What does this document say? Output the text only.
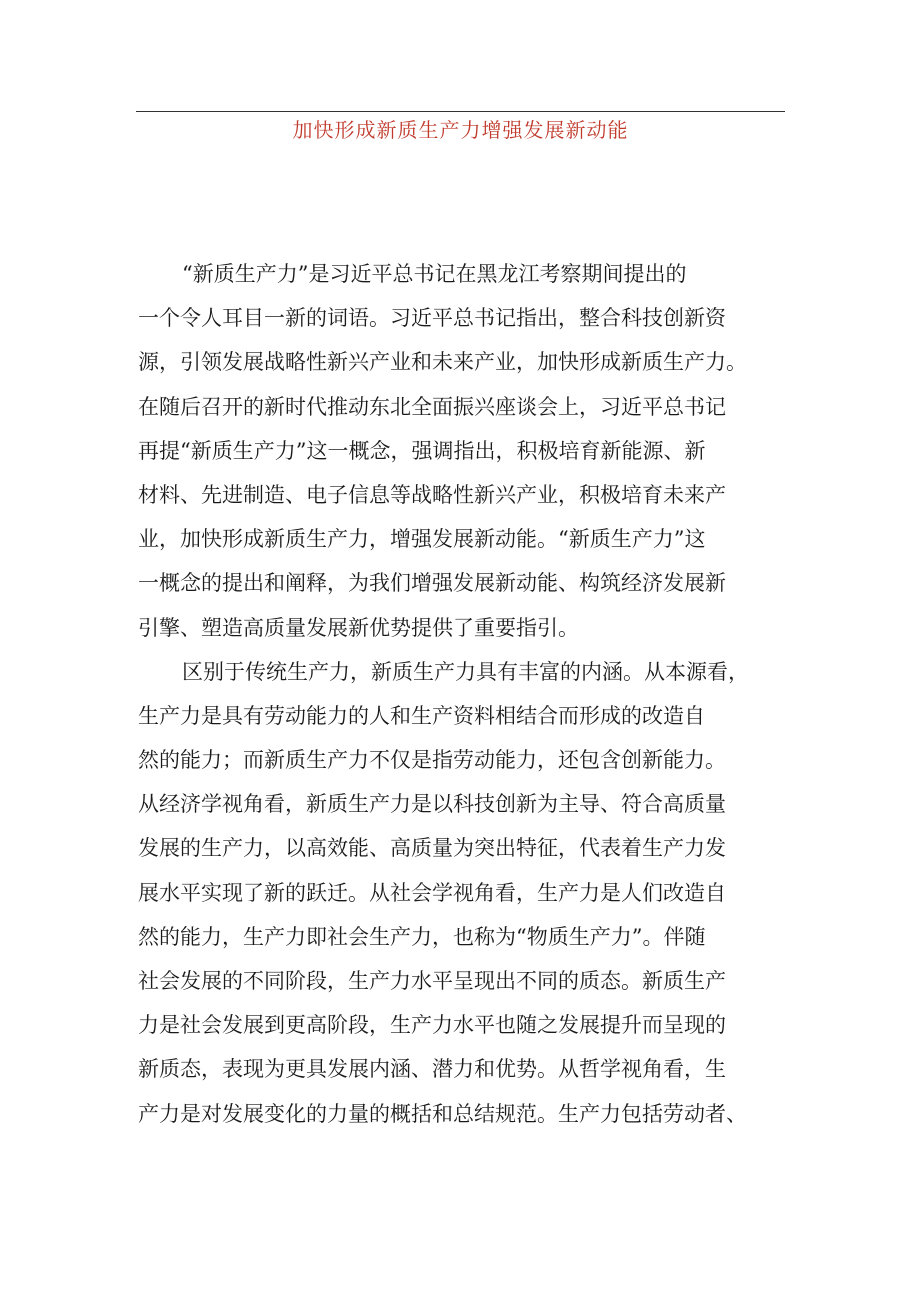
加快形成新质生产力增强发展新动能
“新质生产力”是习近平总书记在黑龙江考察期间提出的
一个令人耳目一新的词语。习近平总书记指出，整合科技创新资
源，引领发展战略性新兴产业和未来产业，加快形成新质生产力。
在随后召开的新时代推动东北全面振兴座谈会上，习近平总书记
再提“新质生产力”这一概念，强调指出，积极培育新能源、新
材料、先进制造、电子信息等战略性新兴产业，积极培育未来产
业，加快形成新质生产力，增强发展新动能。“新质生产力”这
一概念的提出和阐释，为我们增强发展新动能、构筑经济发展新
引擎、塑造高质量发展新优势提供了重要指引。
区别于传统生产力，新质生产力具有丰富的内涵。从本源看，
生产力是具有劳动能力的人和生产资料相结合而形成的改造自
然的能力；而新质生产力不仅是指劳动能力，还包含创新能力。
从经济学视角看，新质生产力是以科技创新为主导、符合高质量
发展的生产力，以高效能、高质量为突出特征，代表着生产力发
展水平实现了新的跃迁。从社会学视角看，生产力是人们改造自
然的能力，生产力即社会生产力，也称为“物质生产力”。伴随
社会发展的不同阶段，生产力水平呈现出不同的质态。新质生产
力是社会发展到更高阶段，生产力水平也随之发展提升而呈现的
新质态，表现为更具发展内涵、潜力和优势。从哲学视角看，生
产力是对发展变化的力量的概括和总结规范。生产力包括劳动者、
